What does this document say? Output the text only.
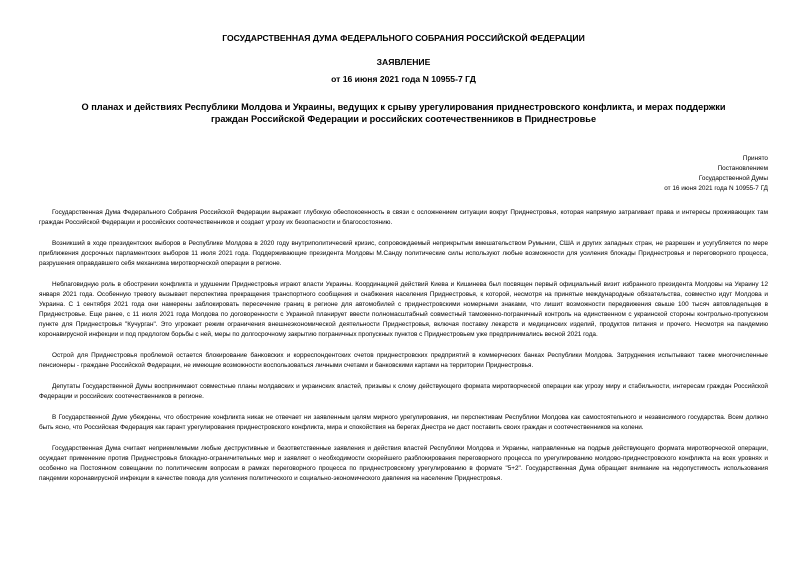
ГОСУДАРСТВЕННАЯ ДУМА ФЕДЕРАЛЬНОГО СОБРАНИЯ РОССИЙСКОЙ ФЕДЕРАЦИИ

ЗАЯВЛЕНИЕ

от 16 июня 2021 года N 10955-7 ГД

О планах и действиях Республики Молдова и Украины, ведущих к срыву урегулирования приднестровского конфликта, и мерах поддержки граждан Российской Федерации и российских соотечественников в Приднестровье

Принято
Постановлением
Государственной Думы
от 16 июня 2021 года N 10955-7 ГД

Государственная Дума Федерального Собрания Российской Федерации выражает глубокую обеспокоенность в связи с осложнением ситуации вокруг Приднестровья, которая напрямую затрагивает права и интересы проживающих там граждан Российской Федерации и российских соотечественников и создает угрозу их безопасности и благосостоянию.

Возникший в ходе президентских выборов в Республике Молдова в 2020 году внутриполитический кризис, сопровождаемый неприкрытым вмешательством Румынии, США и других западных стран, не разрешен и усугубляется по мере приближения досрочных парламентских выборов 11 июля 2021 года. Поддерживающие президента Молдовы М.Санду политические силы используют любые возможности для усиления блокады Приднестровья и переговорного процесса, разрушения оправдавшего себя механизма миротворческой операции в регионе.

Неблаговидную роль в обострении конфликта и удушении Приднестровья играют власти Украины. Координацией действий Киева и Кишинева был посвящен первый официальный визит избранного президента Молдовы на Украину 12 января 2021 года. Особенную тревогу вызывает перспектива прекращения транспортного сообщения и снабжения населения Приднестровья, к которой, несмотря на принятые международные обязательства, совместно идут Молдова и Украина. С 1 сентября 2021 года они намерены заблокировать пересечение границ в регионе для автомобилей с приднестровскими номерными знаками, что лишит возможности передвижения свыше 100 тысяч автовладельцев в Приднестровье. Еще ранее, с 11 июля 2021 года Молдова по договоренности с Украиной планирует ввести полномасштабный совместный таможенно-пограничный контроль на единственном с украинской стороны контрольно-пропускном пункте для Приднестровья "Кучурган". Это угрожает режим ограничения внешнеэкономической деятельности Приднестровья, включая поставку лекарств и медицинских изделий, продуктов питания и прочего. Несмотря на пандемию коронавирусной инфекции и под предлогом борьбы с ней, меры по долгосрочному закрытию пограничных пропускных пунктов с Приднестровьем уже предпринимались весной 2021 года.

Острой для Приднестровья проблемой остается блокирование банковских и корреспондентских счетов приднестровских предприятий в коммерческих банках Республики Молдова. Затруднения испытывают также многочисленные пенсионеры - граждане Российской Федерации, не имеющие возможности воспользоваться личными счетами и банковскими картами на территории Приднестровья.

Депутаты Государственной Думы воспринимают совместные планы молдавских и украинских властей, призывы к слому действующего формата миротворческой операции как угрозу миру и стабильности, интересам граждан Российской Федерации и российских соотечественников в регионе.

В Государственной Думе убеждены, что обострение конфликта никак не отвечает ни заявленным целям мирного урегулирования, ни перспективам Республики Молдова как самостоятельного и независимого государства. Всем должно быть ясно, что Российская Федерация как гарант урегулирования приднестровского конфликта, мира и спокойствия на берегах Днестра не даст поставить своих граждан и соотечественников на колени.

Государственная Дума считает неприемлемыми любые деструктивные и безответственные заявления и действия властей Республики Молдова и Украины, направленные на подрыв действующего формата миротворческой операции, осуждает применение против Приднестровья блокадно-ограничительных мер и заявляет о необходимости скорейшего разблокирования переговорного процесса по урегулированию молдово-приднестровского конфликта на всех уровнях и особенно на Постоянном совещании по политическим вопросам в рамках переговорного процесса по приднестровскому урегулированию в формате "5+2". Государственная Дума обращает внимание на недопустимость использования пандемии коронавирусной инфекции в качестве повода для усиления политического и социально-экономического давления на население Приднестровья.
